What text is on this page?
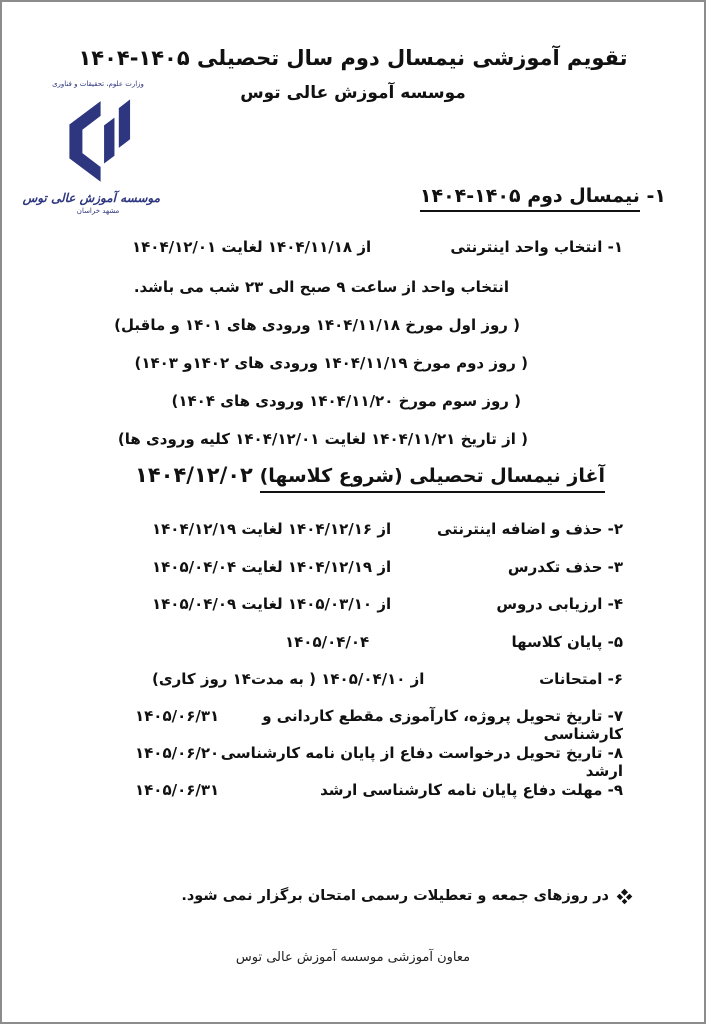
وزارت علوم، تحقیقات و فناوری
موسسه آموزش عالی توس
مشهد خراسان
تقویم آموزشی نیمسال دوم سال تحصیلی ۱۴۰۴-۱۴۰۵
موسسه آموزش عالی توس
۱- نیمسال دوم ۱۴۰۴-۱۴۰۵
۱- انتخاب واحد اینترنتی
از ۱۴۰۴/۱۱/۱۸ لغایت ۱۴۰۴/۱۲/۰۱
انتخاب واحد از ساعت ۹ صبح الی ۲۳ شب می باشد.
( روز اول مورخ ۱۴۰۴/۱۱/۱۸ ورودی های ۱۴۰۱ و ماقبل)
( روز دوم مورخ ۱۴۰۴/۱۱/۱۹ ورودی های ۱۴۰۲و ۱۴۰۳)
( روز سوم مورخ ۱۴۰۴/۱۱/۲۰ ورودی های ۱۴۰۴)
( از تاریخ ۱۴۰۴/۱۱/۲۱ لغایت ۱۴۰۴/۱۲/۰۱ کلیه ورودی ها)
آغاز نیمسال تحصیلی (شروع کلاسها)
۱۴۰۴/۱۲/۰۲
۲- حذف و اضافه اینترنتی
از ۱۴۰۴/۱۲/۱۶ لغایت ۱۴۰۴/۱۲/۱۹
۳- حذف تکدرس
از ۱۴۰۴/۱۲/۱۹ لغایت ۱۴۰۵/۰۴/۰۴
۴- ارزیابی دروس
از ۱۴۰۵/۰۳/۱۰ لغایت ۱۴۰۵/۰۴/۰۹
۵- پایان کلاسها
۱۴۰۵/۰۴/۰۴
۶- امتحانات
از ۱۴۰۵/۰۴/۱۰ ( به مدت۱۴ روز کاری)
۷- تاریخ تحویل پروژه، کارآموزی مقطع کاردانی و کارشناسی
۱۴۰۵/۰۶/۳۱
۸- تاریخ تحویل درخواست دفاع از پایان نامه کارشناسی ارشد
۱۴۰۵/۰۶/۲۰
۹- مهلت دفاع پایان نامه کارشناسی ارشد
۱۴۰۵/۰۶/۳۱
در روزهای جمعه و تعطیلات رسمی امتحان برگزار نمی شود.
معاون آموزشی موسسه آموزش عالی توس
